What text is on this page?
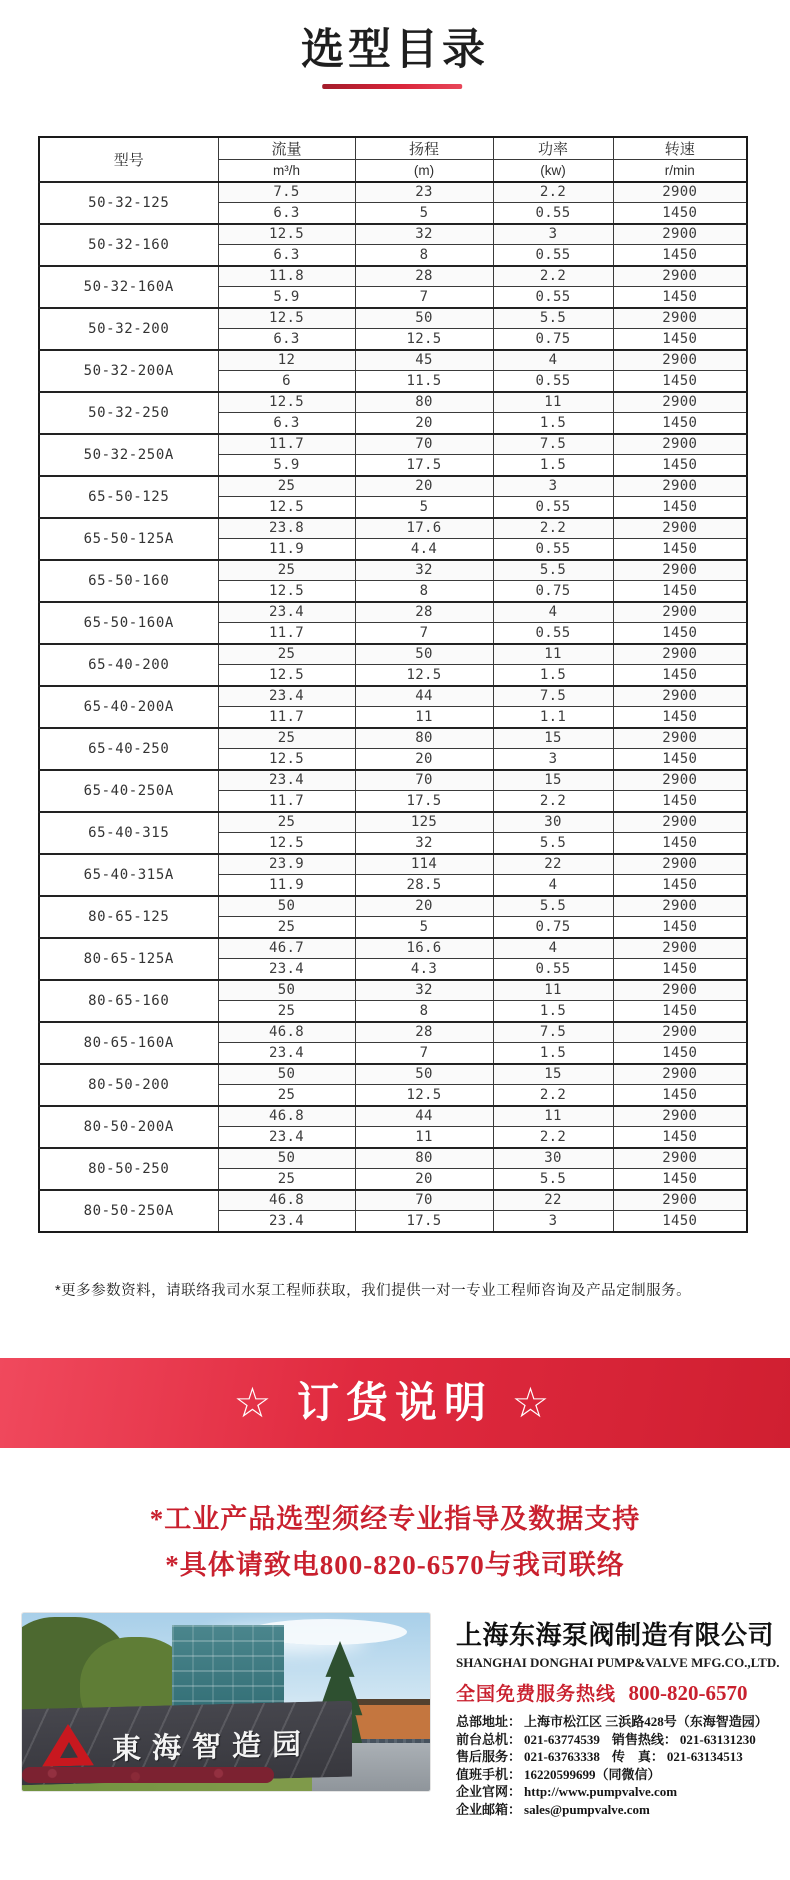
选型目录
型号	流量	扬程	功率	转速
	m³/h	(m)	(kw)	r/min
50-32-125	7.5	23	2.2	2900
	6.3	5	0.55	1450
50-32-160	12.5	32	3	2900
	6.3	8	0.55	1450
50-32-160A	11.8	28	2.2	2900
	5.9	7	0.55	1450
50-32-200	12.5	50	5.5	2900
	6.3	12.5	0.75	1450
50-32-200A	12	45	4	2900
	6	11.5	0.55	1450
50-32-250	12.5	80	11	2900
	6.3	20	1.5	1450
50-32-250A	11.7	70	7.5	2900
	5.9	17.5	1.5	1450
65-50-125	25	20	3	2900
	12.5	5	0.55	1450
65-50-125A	23.8	17.6	2.2	2900
	11.9	4.4	0.55	1450
65-50-160	25	32	5.5	2900
	12.5	8	0.75	1450
65-50-160A	23.4	28	4	2900
	11.7	7	0.55	1450
65-40-200	25	50	11	2900
	12.5	12.5	1.5	1450
65-40-200A	23.4	44	7.5	2900
	11.7	11	1.1	1450
65-40-250	25	80	15	2900
	12.5	20	3	1450
65-40-250A	23.4	70	15	2900
	11.7	17.5	2.2	1450
65-40-315	25	125	30	2900
	12.5	32	5.5	1450
65-40-315A	23.9	114	22	2900
	11.9	28.5	4	1450
80-65-125	50	20	5.5	2900
	25	5	0.75	1450
80-65-125A	46.7	16.6	4	2900
	23.4	4.3	0.55	1450
80-65-160	50	32	11	2900
	25	8	1.5	1450
80-65-160A	46.8	28	7.5	2900
	23.4	7	1.5	1450
80-50-200	50	50	15	2900
	25	12.5	2.2	1450
80-50-200A	46.8	44	11	2900
	23.4	11	2.2	1450
80-50-250	50	80	30	2900
	25	20	5.5	1450
80-50-250A	46.8	70	22	2900
	23.4	17.5	3	1450
*更多参数资料，请联络我司水泵工程师获取，我们提供一对一专业工程师咨询及产品定制服务。
☆ 订货说明 ☆
*工业产品选型须经专业指导及数据支持
*具体请致电800-820-6570与我司联络
東海智造园
上海东海泵阀制造有限公司
SHANGHAI DONGHAI PUMP&VALVE MFG.CO.,LTD.
全国免费服务热线 800-820-6570
总部地址： 上海市松江区 三浜路428号（东海智造园）
前台总机： 021-63774539 销售热线： 021-63131230
售后服务： 021-63763338 传　真： 021-63134513
值班手机： 16220599699（同微信）
企业官网： http://www.pumpvalve.com
企业邮箱： sales@pumpvalve.com
